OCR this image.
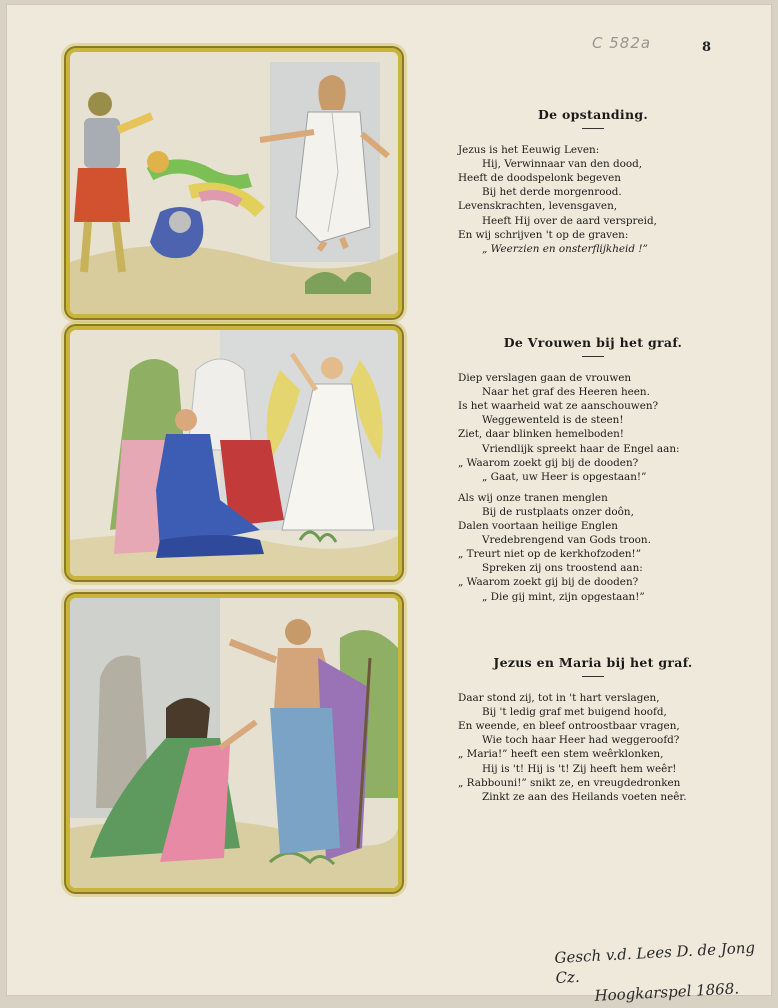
C 582a	8
De opstanding.
Jezus is het Eeuwig Leven:
Hij, Verwinnaar van den dood,
Heeft de doodspelonk begeven
Bij het derde morgenrood.
Levenskrachten, levensgaven,
Heeft Hij over de aard verspreid,
En wij schrijven 't op de graven:
„ Weerzien en onsterflijkheid !”
De Vrouwen bij het graf.
Diep verslagen gaan de vrouwen
Naar het graf des Heeren heen.
Is het waarheid wat ze aanschouwen?
Weggewenteld is de steen!
Ziet, daar blinken hemelboden!
Vriendlijk spreekt haar de Engel aan:
„ Waarom zoekt gij bij de dooden?
„ Gaat, uw Heer is opgestaan!”
Als wij onze tranen menglen
Bij de rustplaats onzer doôn,
Dalen voortaan heilige Englen
Vredebrengend van Gods troon.
„ Treurt niet op de kerkhofzoden!”
Spreken zij ons troostend aan:
„ Waarom zoekt gij bij de dooden?
„ Die gij mint, zijn opgestaan!”
Jezus en Maria bij het graf.
Daar stond zij, tot in 't hart verslagen,
Bij 't ledig graf met buigend hoofd,
En weende, en bleef ontroostbaar vragen,
Wie toch haar Heer had weggeroofd?
„ Maria!” heeft een stem weêrklonken,
Hij is 't! Hij is 't! Zij heeft hem weêr!
„ Rabbouni!” snikt ze, en vreugdedronken
Zinkt ze aan des Heilands voeten neêr.
Gesch v.d. Lees D. de Jong Cz.
Hoogkarspel 1868.
